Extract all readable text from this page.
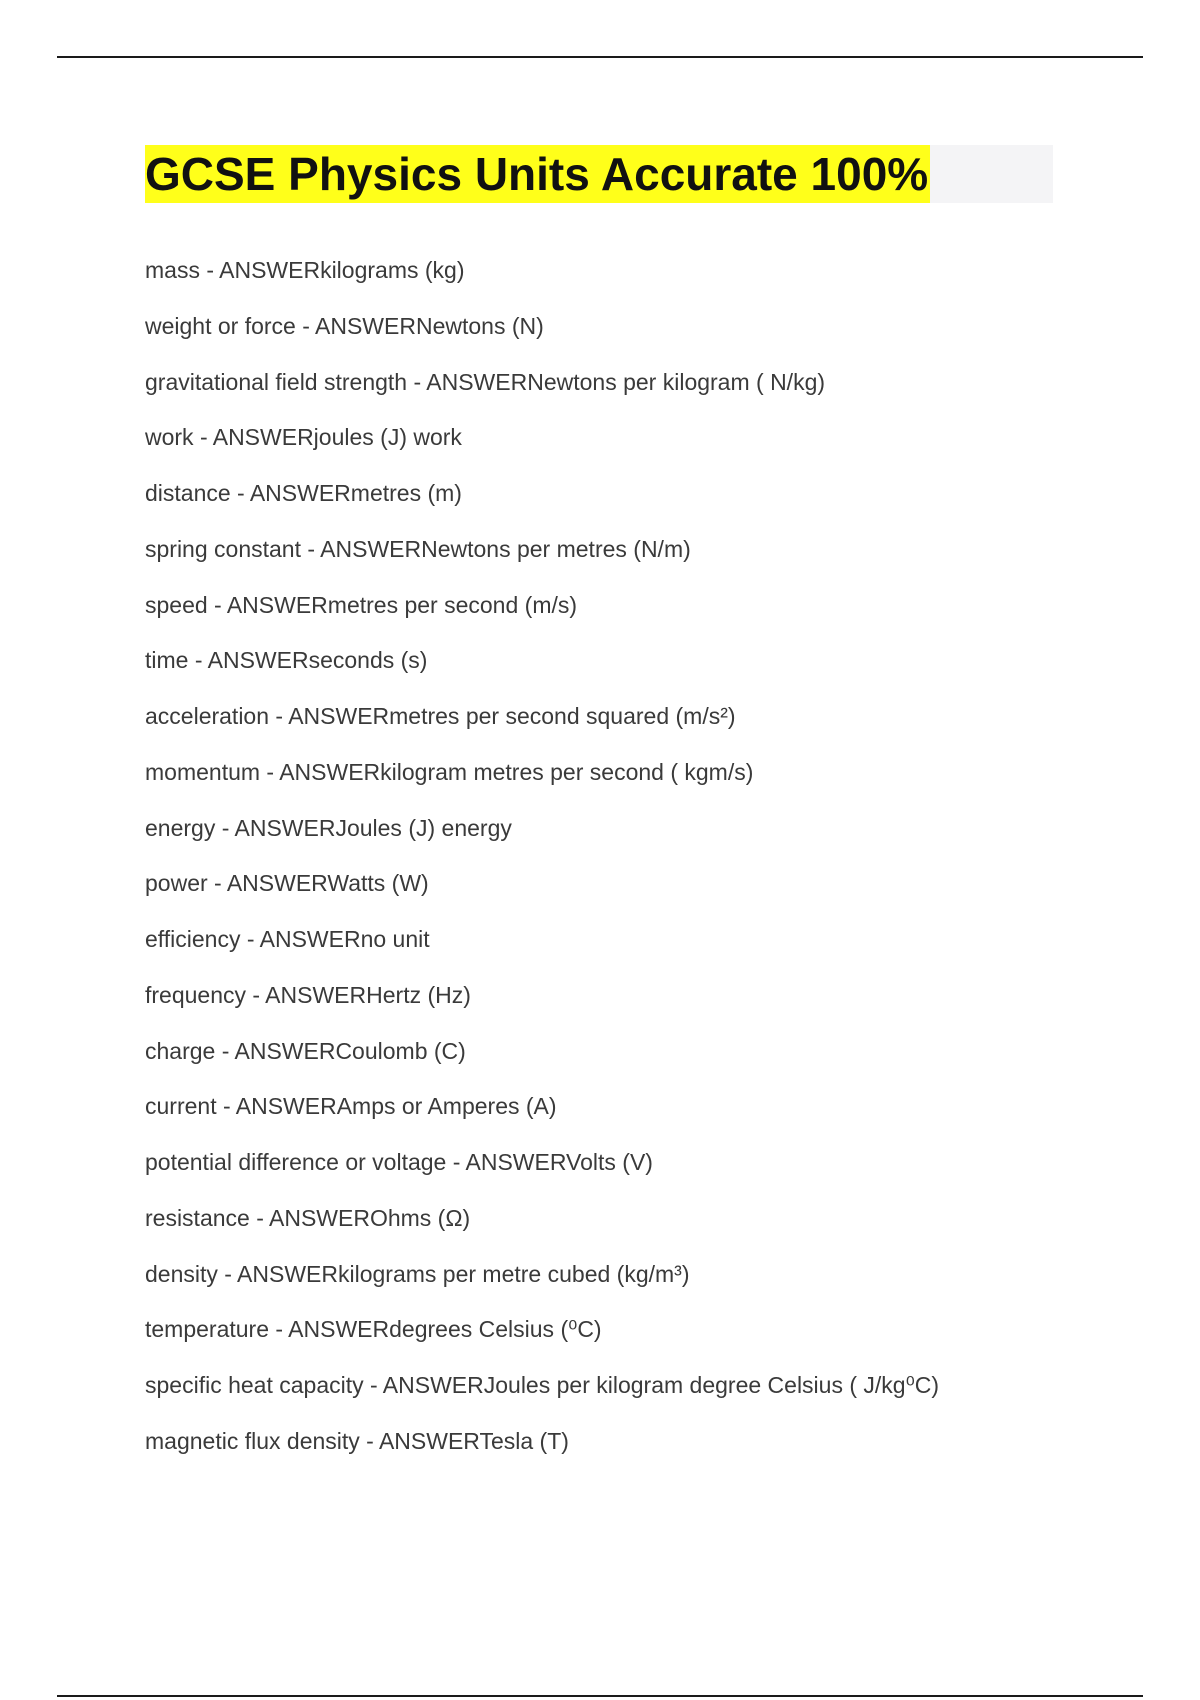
GCSE Physics Units Accurate 100%
mass - ANSWERkilograms (kg)
weight or force - ANSWERNewtons (N)
gravitational field strength - ANSWERNewtons per kilogram ( N/kg)
work - ANSWERjoules (J) work
distance - ANSWERmetres (m)
spring constant - ANSWERNewtons per metres (N/m)
speed - ANSWERmetres per second (m/s)
time - ANSWERseconds (s)
acceleration - ANSWERmetres per second squared (m/s²)
momentum - ANSWERkilogram metres per second ( kgm/s)
energy - ANSWERJoules (J) energy
power - ANSWERWatts (W)
efficiency - ANSWERno unit
frequency - ANSWERHertz (Hz)
charge - ANSWERCoulomb (C)
current - ANSWERAmps or Amperes (A)
potential difference or voltage - ANSWERVolts (V)
resistance - ANSWEROhms (Ω)
density - ANSWERkilograms per metre cubed (kg/m³)
temperature - ANSWERdegrees Celsius (⁰C)
specific heat capacity - ANSWERJoules per kilogram degree Celsius ( J/kg⁰C)
magnetic flux density - ANSWERTesla (T)
